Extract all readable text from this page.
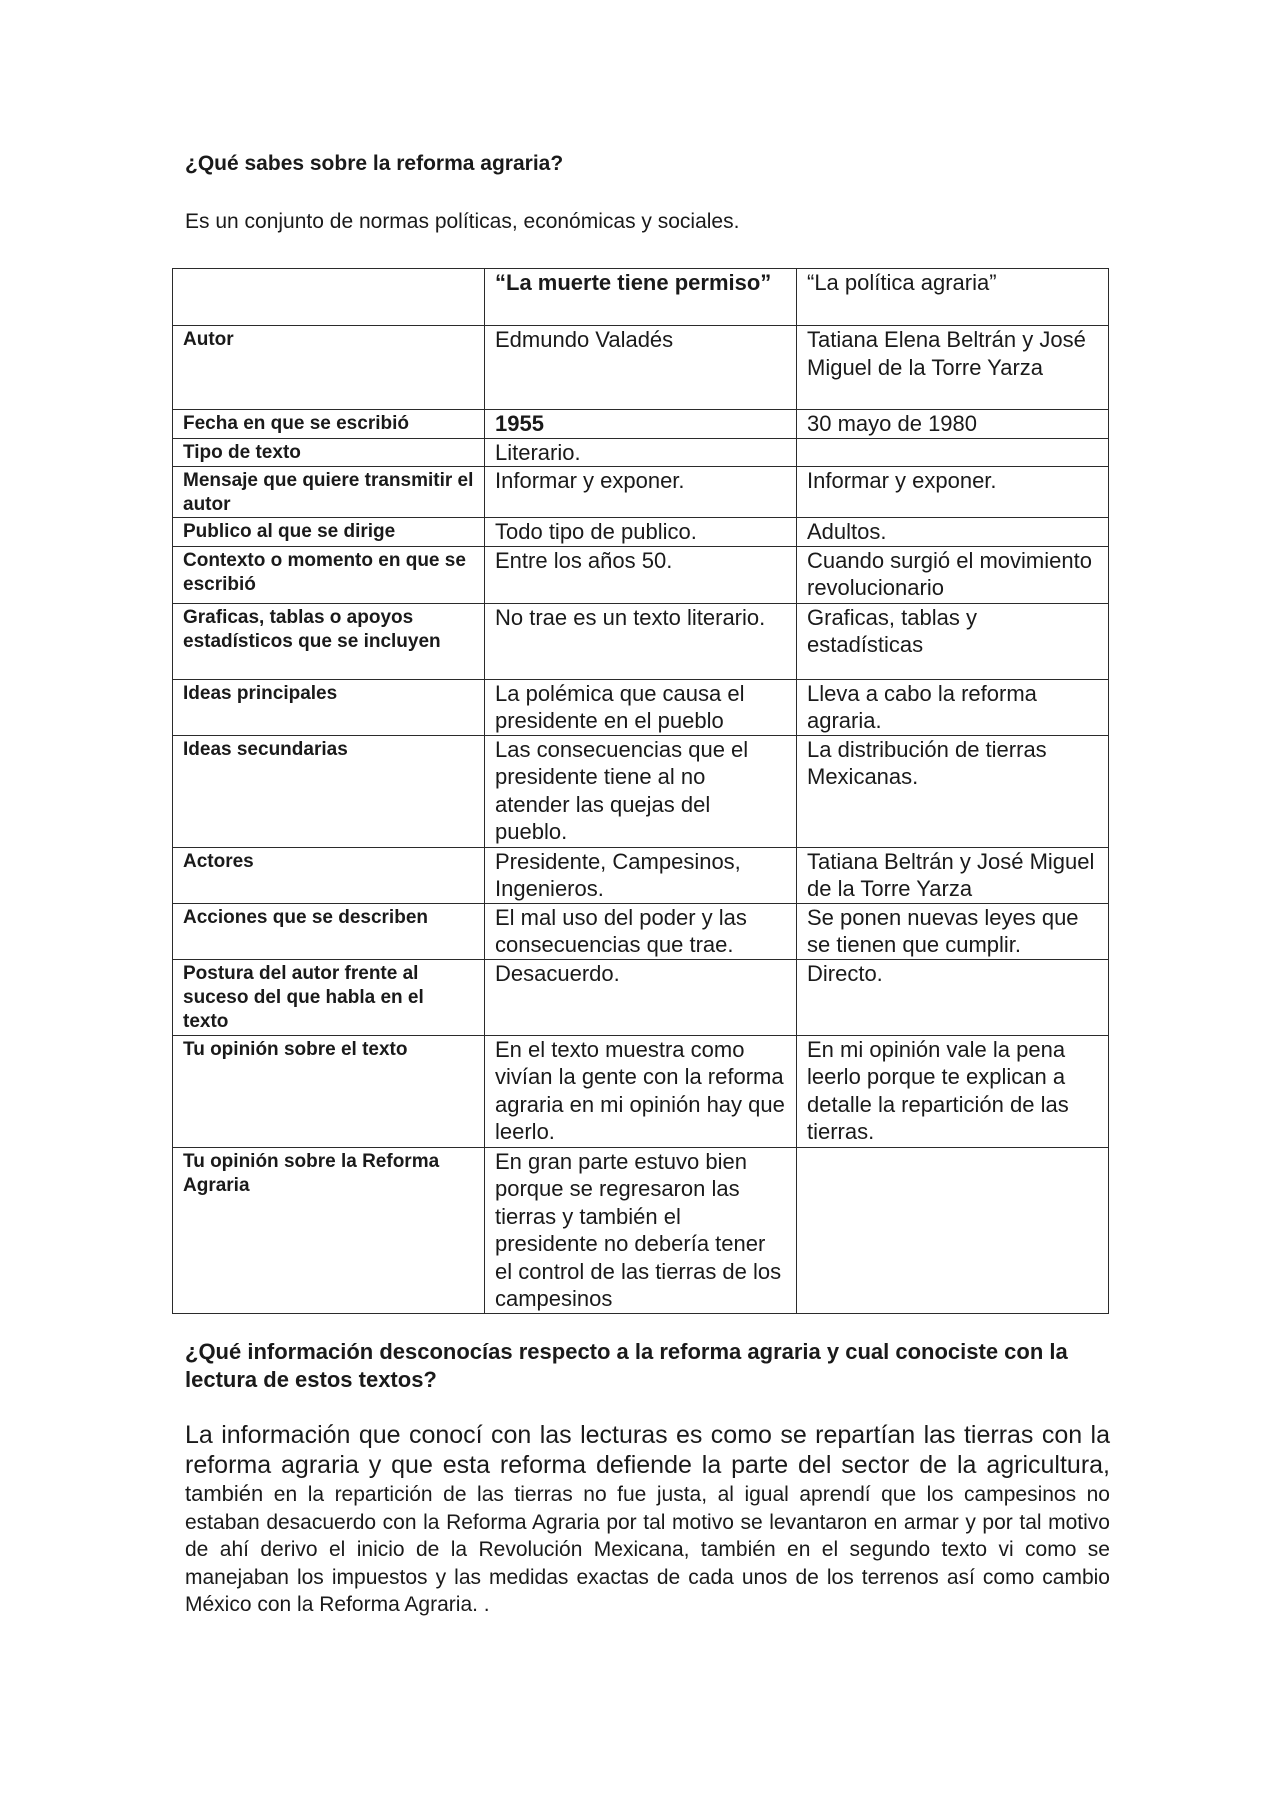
¿Qué sabes sobre la reforma agraria?

Es un conjunto de normas políticas, económicas y sociales.

	“La muerte tiene permiso”	“La política agraria”
Autor	Edmundo Valadés	Tatiana Elena Beltrán y José Miguel de la Torre Yarza
Fecha en que se escribió	1955	30 mayo de 1980
Tipo de texto	Literario.	
Mensaje que quiere transmitir el autor	Informar y exponer.	Informar y exponer.
Publico al que se dirige	Todo tipo de publico.	Adultos.
Contexto o momento en que se escribió	Entre los años 50.	Cuando surgió el movimiento revolucionario
Graficas, tablas o apoyos estadísticos que se incluyen	No trae es un texto literario.	Graficas, tablas y estadísticas
Ideas principales	La polémica que causa el presidente en el pueblo	Lleva a cabo la reforma agraria.
Ideas secundarias	Las consecuencias que el presidente tiene al no atender las quejas del pueblo.	La distribución de tierras Mexicanas.
Actores	Presidente, Campesinos, Ingenieros.	Tatiana Beltrán y José Miguel de la Torre Yarza
Acciones que se describen	El mal uso del poder y las consecuencias que trae.	Se ponen nuevas leyes que se tienen que cumplir.
Postura del autor frente al suceso del que habla en el texto	Desacuerdo.	Directo.
Tu opinión sobre el texto	En el texto muestra como vivían la gente con la reforma agraria en mi opinión hay que leerlo.	En mi opinión vale la pena leerlo porque te explican a detalle la repartición de las tierras.
Tu opinión sobre la Reforma Agraria	En gran parte estuvo bien porque se regresaron las tierras y también el presidente no debería tener el control de las tierras de los campesinos	

¿Qué información desconocías respecto a la reforma agraria y cual conociste con la lectura de estos textos?

La información que conocí con las lecturas es como se repartían las tierras con la reforma agraria y que esta reforma defiende la parte del sector de la agricultura, también en la repartición de las tierras no fue justa, al igual aprendí que los campesinos no estaban desacuerdo con la Reforma Agraria por tal motivo se levantaron en armar y por tal motivo de ahí derivo el inicio de la Revolución Mexicana, también en el segundo texto vi como se manejaban los impuestos y las medidas exactas de cada unos de los terrenos así como cambio México con la Reforma Agraria. .
